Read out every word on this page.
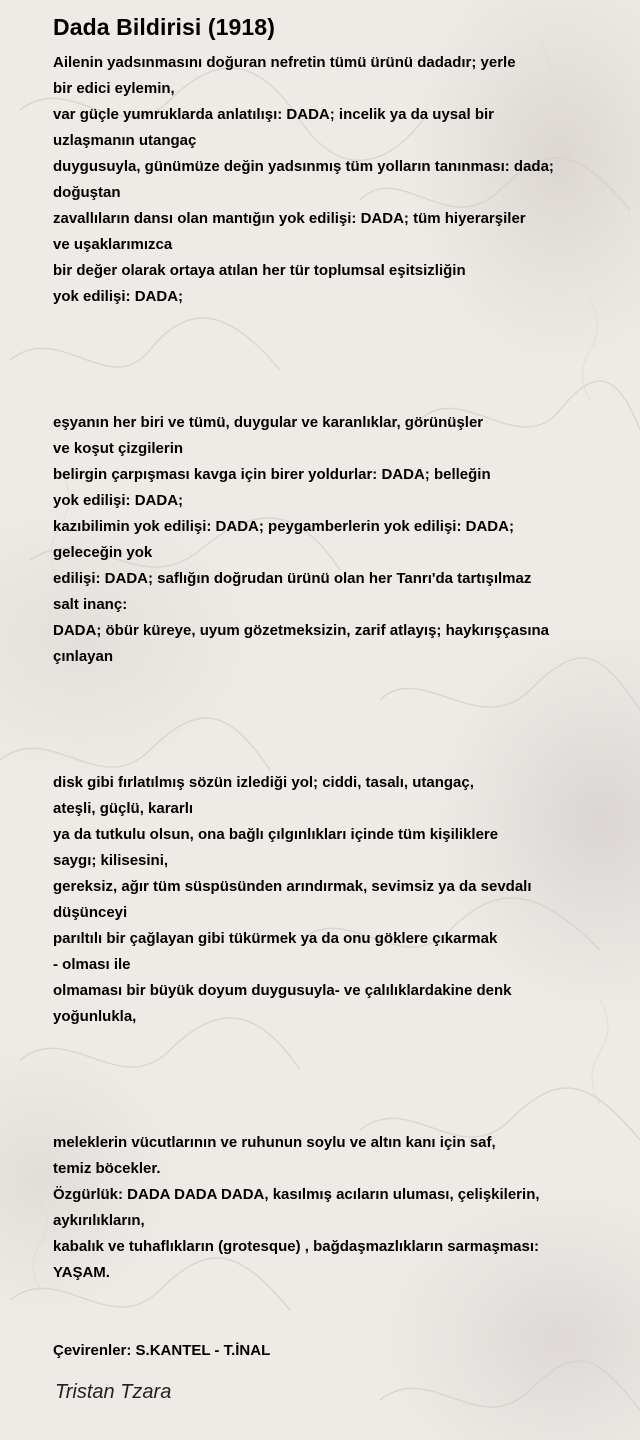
Dada Bildirisi (1918)

Ailenin yadsınmasını doğuran nefretin tümü ürünü dadadır; yerle

bir edici eylemin,

var güçle yumruklarda anlatılışı: DADA; incelik ya da uysal bir

uzlaşmanın utangaç

duygusuyla, günümüze değin yadsınmış tüm yolların tanınması: dada;

doğuştan

zavallıların dansı olan mantığın yok edilişi: DADA; tüm hiyerarşiler

ve uşaklarımızca

bir değer olarak ortaya atılan her tür toplumsal eşitsizliğin

yok edilişi: DADA;

eşyanın her biri ve tümü, duygular ve karanlıklar, görünüşler

ve koşut çizgilerin

belirgin çarpışması kavga için birer yoldurlar: DADA; belleğin

yok edilişi: DADA;

kazıbilimin yok edilişi: DADA; peygamberlerin yok edilişi: DADA;

geleceğin yok

edilişi: DADA; saflığın doğrudan ürünü olan her Tanrı'da tartışılmaz

salt inanç:

DADA; öbür küreye, uyum gözetmeksizin, zarif atlayış; haykırışçasına

çınlayan

disk gibi fırlatılmış sözün izlediği yol; ciddi, tasalı, utangaç,

ateşli, güçlü, kararlı

ya da tutkulu olsun, ona bağlı çılgınlıkları içinde tüm kişiliklere

saygı; kilisesini,

gereksiz, ağır tüm süspüsünden arındırmak, sevimsiz ya da sevdalı

düşünceyi

parıltılı bir çağlayan gibi tükürmek ya da onu göklere çıkarmak

- olması ile

olmaması bir büyük doyum duygusuyla- ve çalılıklardakine denk

yoğunlukla,

meleklerin vücutlarının ve ruhunun soylu ve altın kanı için saf,

temiz böcekler.

Özgürlük: DADA DADA DADA, kasılmış acıların uluması, çelişkilerin,

aykırılıkların,

kabalık ve tuhaflıkların (grotesque) , bağdaşmazlıkların sarmaşması:

YAŞAM.

Çevirenler: S.KANTEL - T.İNAL

Tristan Tzara
